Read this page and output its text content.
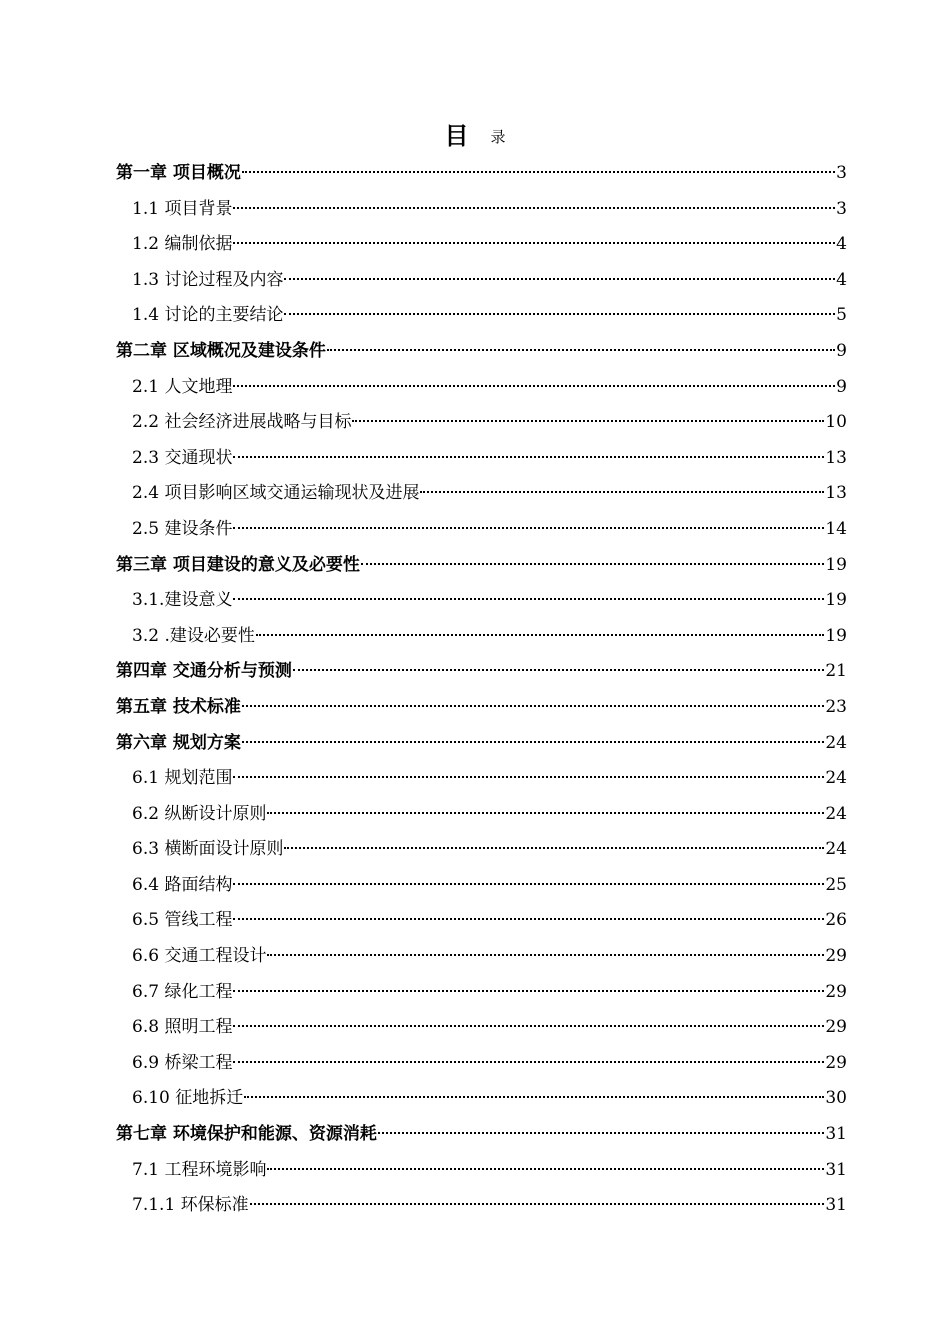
目 录
第一章 项目概况	3
1.1 项目背景	3
1.2 编制依据	4
1.3 讨论过程及内容	4
1.4 讨论的主要结论	5
第二章 区域概况及建设条件	9
2.1 人文地理	9
2.2 社会经济进展战略与目标	10
2.3 交通现状	13
2.4 项目影响区域交通运输现状及进展	13
2.5 建设条件	14
第三章 项目建设的意义及必要性	19
3.1.建设意义	19
3.2 .建设必要性	19
第四章 交通分析与预测	21
第五章 技术标准	23
第六章 规划方案	24
6.1 规划范围	24
6.2 纵断设计原则	24
6.3 横断面设计原则	24
6.4 路面结构	25
6.5 管线工程	26
6.6 交通工程设计	29
6.7 绿化工程	29
6.8 照明工程	29
6.9 桥梁工程	29
6.10 征地拆迁	30
第七章 环境保护和能源、资源消耗	31
7.1 工程环境影响	31
7.1.1 环保标准	31
